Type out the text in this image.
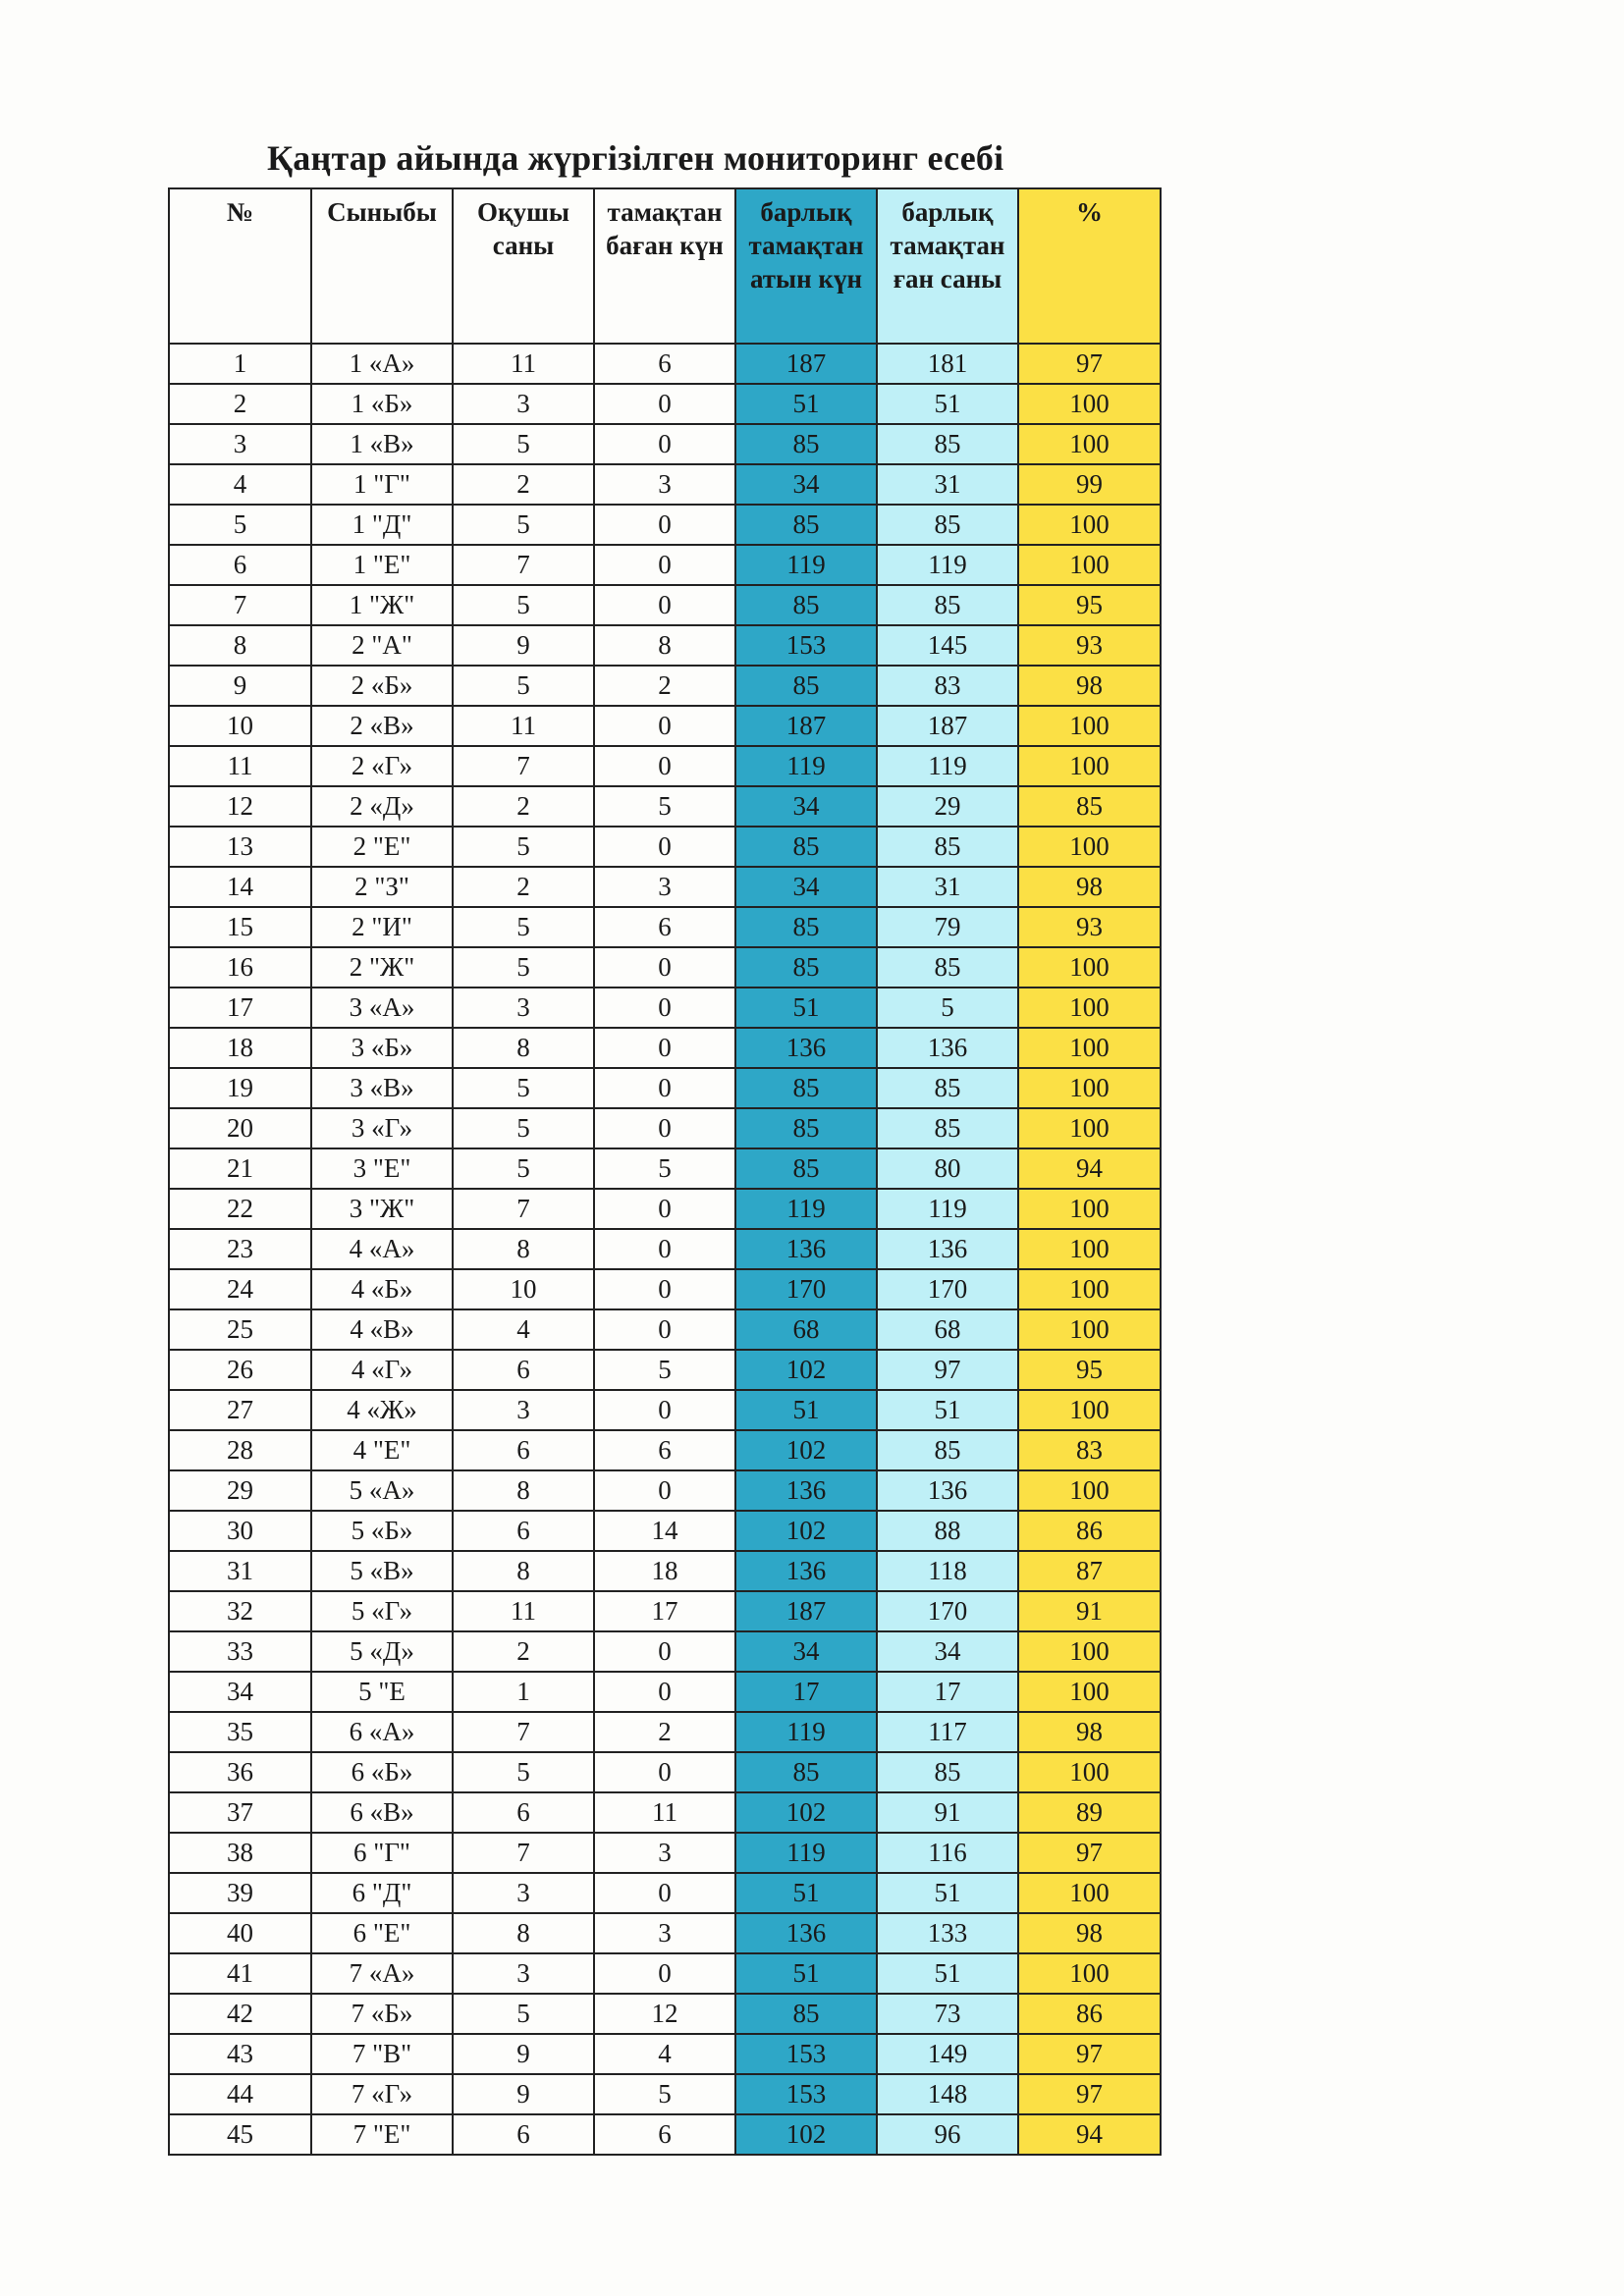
Қаңтар айында жүргізілген мониторинг есебі
№	Сыныбы	Оқушы саны	тамақтан баған күн	барлық тамақтан атын күн	барлық тамақтан ған саны	%
1	1 «А»	11	6	187	181	97
2	1 «Б»	3	0	51	51	100
3	1 «В»	5	0	85	85	100
4	1 "Г"	2	3	34	31	99
5	1 "Д"	5	0	85	85	100
6	1 "Е"	7	0	119	119	100
7	1 "Ж"	5	0	85	85	95
8	2 "А"	9	8	153	145	93
9	2 «Б»	5	2	85	83	98
10	2 «В»	11	0	187	187	100
11	2 «Г»	7	0	119	119	100
12	2 «Д»	2	5	34	29	85
13	2 "Е"	5	0	85	85	100
14	2 "З"	2	3	34	31	98
15	2 "И"	5	6	85	79	93
16	2 "Ж"	5	0	85	85	100
17	3 «А»	3	0	51	5	100
18	3 «Б»	8	0	136	136	100
19	3 «В»	5	0	85	85	100
20	3 «Г»	5	0	85	85	100
21	3 "Е"	5	5	85	80	94
22	3 "Ж"	7	0	119	119	100
23	4 «А»	8	0	136	136	100
24	4 «Б»	10	0	170	170	100
25	4 «В»	4	0	68	68	100
26	4 «Г»	6	5	102	97	95
27	4 «Ж»	3	0	51	51	100
28	4 "Е"	6	6	102	85	83
29	5 «А»	8	0	136	136	100
30	5 «Б»	6	14	102	88	86
31	5 «В»	8	18	136	118	87
32	5 «Г»	11	17	187	170	91
33	5 «Д»	2	0	34	34	100
34	5 "Е	1	0	17	17	100
35	6 «А»	7	2	119	117	98
36	6 «Б»	5	0	85	85	100
37	6 «В»	6	11	102	91	89
38	6 "Г"	7	3	119	116	97
39	6 "Д"	3	0	51	51	100
40	6 "Е"	8	3	136	133	98
41	7 «А»	3	0	51	51	100
42	7 «Б»	5	12	85	73	86
43	7 "В"	9	4	153	149	97
44	7 «Г»	9	5	153	148	97
45	7 "Е"	6	6	102	96	94
